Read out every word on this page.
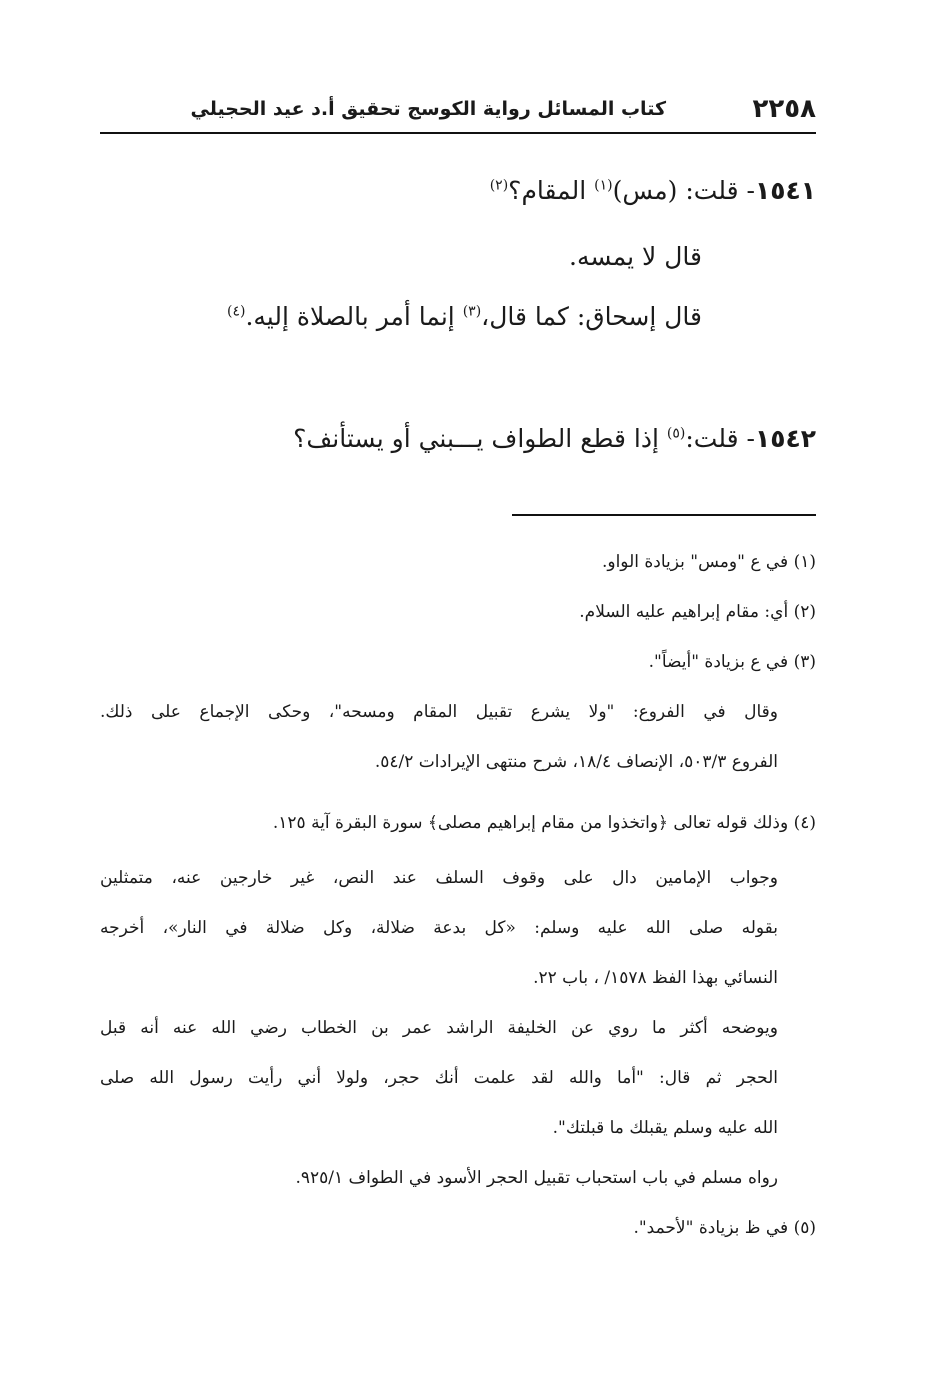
٢٢٥٨
كتاب المسائل رواية الكوسج تحقيق أ.د عيد الحجيلي
١٥٤١- قلت: (مس)$^{(١)}$ المقام؟$^{(٢)}$
قال لا يمسه.
قال إسحاق: كما قال،$^{(٣)}$ إنما أمر بالصلاة إليه.$^{(٤)}$
١٥٤٢- قلت:$^{(٥)}$ إذا قطع الطواف يـــبني أو يستأنف؟
(١) في ع "ومس" بزيادة الواو.
(٢) أي: مقام إبراهيم عليه السلام.
(٣) في ع بزيادة "أيضاً".
وقال في الفروع: "ولا يشرع تقبيل المقام ومسحه"، وحكى الإجماع على ذلك.
الفروع ٥٠٣/٣، الإنصاف ١٨/٤، شرح منتهى الإيرادات ٥٤/٢.
(٤) وذلك قوله تعالى ﴿واتخذوا من مقام إبراهيم مصلى﴾ سورة البقرة آية ١٢٥.
وجواب الإمامين دال على وقوف السلف عند النص، غير خارجين عنه، متمثلين
بقوله صلى الله عليه وسلم: «كل بدعة ضلالة، وكل ضلالة في النار»، أخرجه
النسائي بهذا الفظ ١٥٧٨/ ، باب ٢٢.
ويوضحه أكثر ما روي عن الخليفة الراشد عمر بن الخطاب رضي الله عنه أنه قبل
الحجر ثم قال: "أما والله لقد علمت أنك حجر، ولولا أني رأيت رسول الله صلى
الله عليه وسلم يقبلك ما قبلتك".
رواه مسلم في باب استحباب تقبيل الحجر الأسود في الطواف ٩٢٥/١.
(٥) في ظ بزيادة "لأحمد".
